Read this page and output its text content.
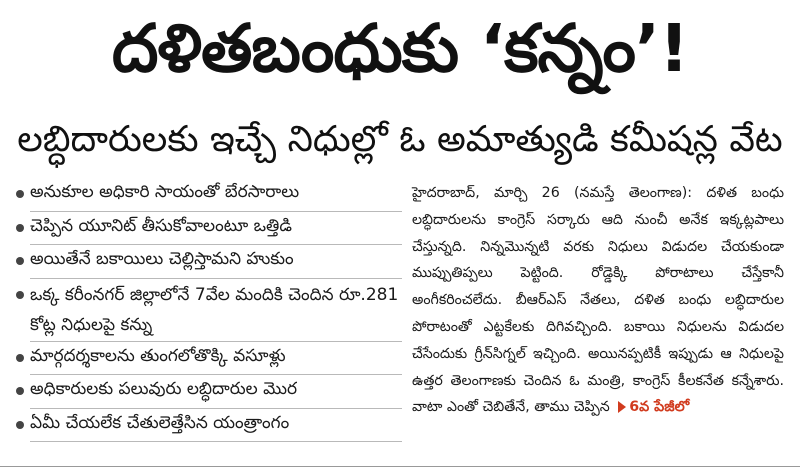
దళితబంధుకు ‘కన్నం’!
లబ్ధిదారులకు ఇచ్చే నిధుల్లో ఓ అమాత్యుడి కమీషన్ల వేట
అనుకూల అధికారి సాయంతో బేరసారాలు
చెప్పిన యూనిట్‌ తీసుకోవాలంటూ ఒత్తిడి
అయితేనే బకాయిలు చెల్లిస్తామని హుకుం
ఒక్క కరీంనగర్‌ జిల్లాలోనే 7వేల మందికి చెందిన రూ.281 కోట్ల నిధులపై కన్ను
మార్గదర్శకాలను తుంగలోతొక్కి వసూళ్లు
అధికారులకు పలువురు లబ్ధిదారుల మొర
ఏమీ చేయలేక చేతులెత్తేసిన యంత్రాంగం

హైదరాబాద్‌, మార్చి 26 (నమస్తే తెలంగాణ): దళిత బంధు లబ్ధిదారులను కాంగ్రెస్‌ సర్కారు ఆది నుంచీ అనేక ఇక్కట్లపాలు చేస్తున్నది. నిన్నమొన్నటి వరకు నిధులు విడుదల చేయకుండా ముప్పుతిప్పలు పెట్టింది. రోడ్డెక్కి పోరాటాలు చేస్తేకానీ అంగీకరించలేదు. బీఆర్‌ఎస్‌ నేతలు, దళిత బంధు లబ్ధిదారుల పోరాటంతో ఎట్టకేలకు దిగివచ్చింది. బకాయి నిధులను విడుదల చేసేందుకు గ్రీన్‌సిగ్నల్‌ ఇచ్చింది. అయినప్పటికీ ఇప్పుడు ఆ నిధులపై ఉత్తర తెలంగాణకు చెందిన ఓ మంత్రి, కాంగ్రెస్‌ కీలకనేత కన్నేశారు. వాటా ఎంతో చెబితేనే, తాము చెప్పిన 6వ పేజీలో
